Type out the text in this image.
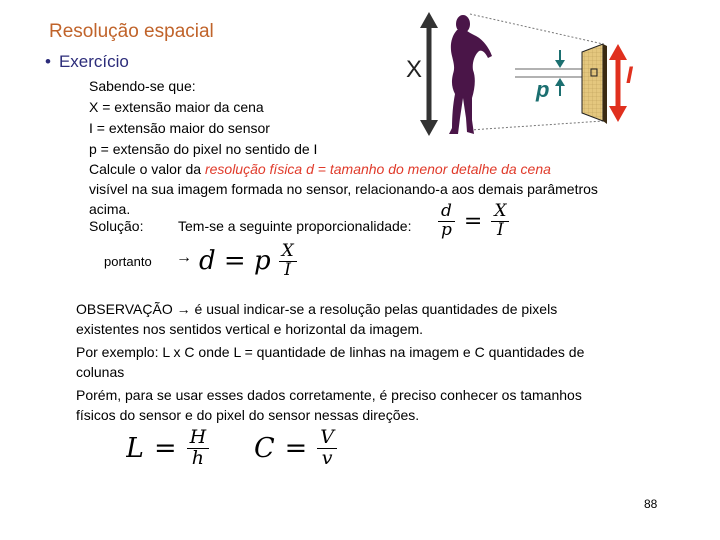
Resolução espacial
• Exercício
Sabendo-se que:
X = extensão maior da cena
I = extensão maior do sensor
p = extensão do pixel no sentido de I
Calcule o valor da resolução física d = tamanho do menor detalhe da cena
visível na sua imagem formada no sensor, relacionando-a aos demais parâmetros
acima.
Solução: Tem-se a seguinte proporcionalidade: $\frac{d}{p} = \frac{X}{I}$
portanto → d = p $\frac{X}{I}$
OBSERVAÇÃO → é usual indicar-se a resolução pelas quantidades de pixels
existentes nos sentidos vertical e horizontal da imagem.
Por exemplo: L x C onde L = quantidade de linhas na imagem e C quantidades de
colunas
Porém, para se usar esses dados corretamente, é preciso conhecer os tamanhos
físicos do sensor e do pixel do sensor nessas direções.
$L = \frac{H}{h}$ $C = \frac{V}{v}$
88
X
p
I
